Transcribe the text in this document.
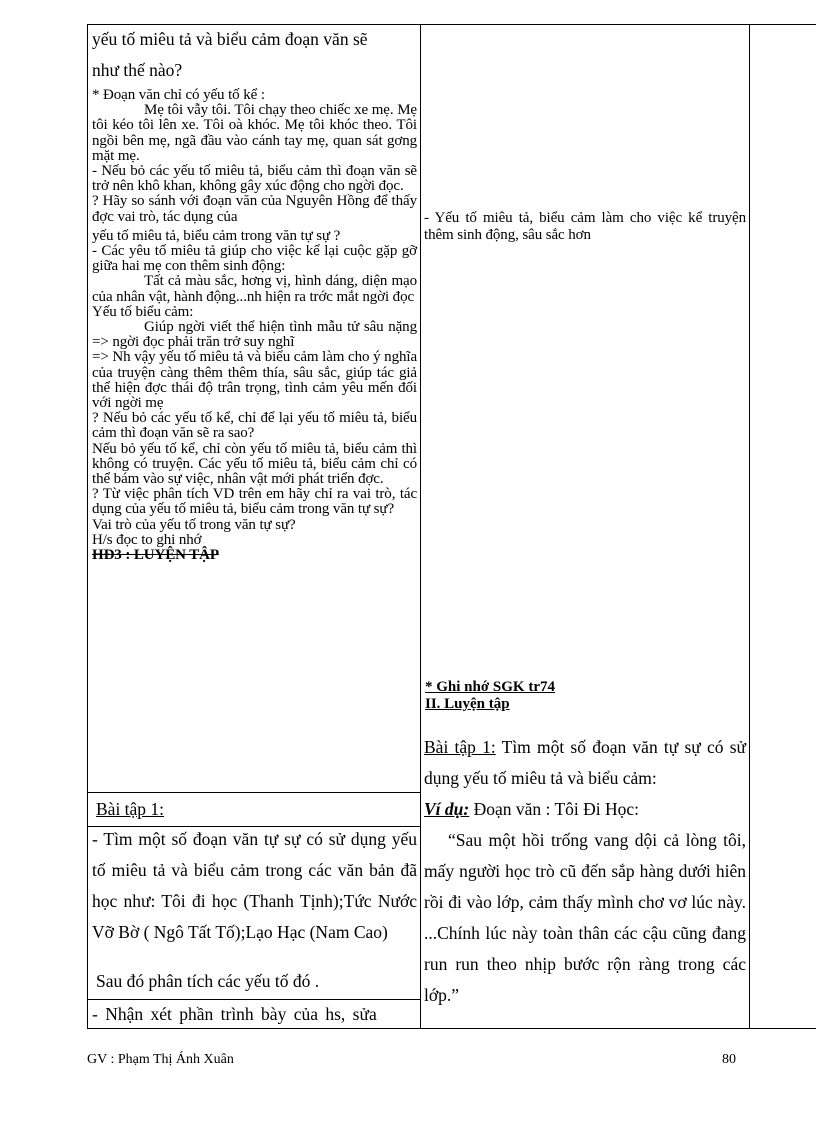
yếu tố miêu tả và biểu cảm đoạn văn sẽ

như thế nào?

* Đoạn văn chỉ có yếu tố kể :

Mẹ tôi vẫy tôi. Tôi chạy theo chiếc xe mẹ. Mẹ tôi kéo tôi lên xe. Tôi oà khóc. Mẹ tôi khóc theo. Tôi ngồi bên mẹ, ngã đầu vào cánh tay mẹ, quan sát gơng mặt mẹ.

- Nếu bỏ các yếu tố miêu tả, biểu cảm thì đoạn văn sẽ trở nên khô khan, không gây xúc động cho ngời đọc.

? Hãy so sánh với đoạn văn của Nguyên Hồng để thấy đợc vai trò, tác dụng của

yếu tố miêu tả, biểu cảm trong văn tự sự ?

- Các yêu tố miêu tả giúp cho việc kể lại cuộc gặp gỡ giữa hai mẹ con thêm sinh động:

Tất cả màu sắc, hơng vị, hình dáng, diện mạo của nhân vật, hành động...nh hiện ra trớc mắt ngời đọc

Yếu tố biểu cảm:

Giúp ngời viết thể hiện tình mẫu tử sâu nặng => ngời đọc phải trăn trở suy nghĩ

=> Nh vậy yếu tố miêu tả và biểu cảm làm cho ý nghĩa của truyện càng thêm thêm thía, sâu sắc, giúp tác giả thể hiện đợc thái độ trân trọng, tình cảm yêu mến đối với ngời mẹ

? Nếu bỏ các yếu tố kể, chỉ để lại yếu tố miêu tả, biểu cảm thì đoạn văn sẽ ra sao?

Nếu bỏ yếu tố kể, chỉ còn yếu tố miêu tả, biểu cảm thì không có truyện. Các yếu tố miêu tả, biểu cảm chỉ có thể bám vào sự việc, nhân vật mới phát triển đợc.

? Từ việc phân tích VD trên em hãy chỉ ra vai trò, tác dụng của yếu tố miêu tả, biểu cảm trong văn tự sự?

Vai trò của yếu tố trong văn tự sự?

H/s đọc to ghi nhớ

HĐ3 : LUYỆN TẬP

Bài tập 1:

- Tìm một số đoạn văn tự sự có sử dụng yếu tố miêu tả và biểu cảm trong các văn bản đã học như: Tôi đi học (Thanh Tịnh);Tức Nước Vỡ Bờ ( Ngô Tất Tố);Lạo Hạc (Nam Cao)

Sau đó phân tích các yếu tố đó .

- Nhận xét phần trình bày của hs, sửa

- Yếu tố miêu tả, biểu cảm làm cho việc kể truyện thêm sinh động, sâu sắc hơn

* Ghi nhớ SGK tr74

II. Luyện tập

Bài tập 1: Tìm một số đoạn văn tự sự có sử dụng yếu tố miêu tả và biểu cảm:

Ví dụ: Đoạn văn : Tôi Đi Học:

“Sau một hồi trống vang dội cả lòng tôi, mấy người học trò cũ đến sắp hàng dưới hiên rồi đi vào lớp, cảm thấy mình chơ vơ lúc này. ...Chính lúc này toàn thân các cậu cũng đang run run theo nhịp bước rộn ràng trong các lớp.”

GV : Phạm Thị Ánh Xuân	80
